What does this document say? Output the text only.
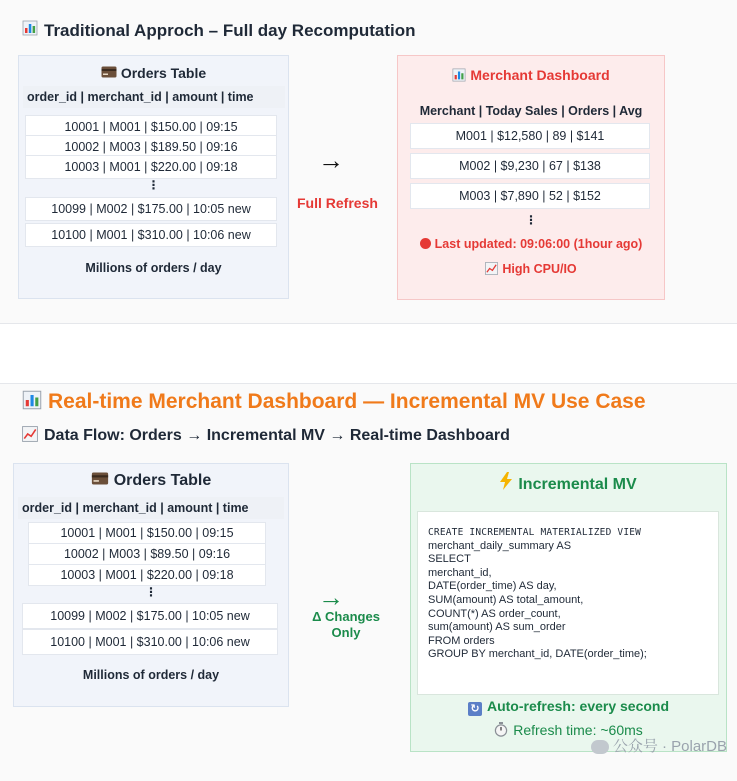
Traditional Approch – Full day Recomputation
Orders Table
order_id | merchant_id | amount | time
10001 | M001 | $150.00 | 09:15
10002 | M003 | $189.50 | 09:16
10003 | M001 | $220.00 | 09:18
⋮
10099 | M002 | $175.00 | 10:05 new
10100 | M001 | $310.00 | 10:06 new
Millions of orders / day
→
Full Refresh
Merchant Dashboard
Merchant | Today Sales | Orders | Avg
M001 | $12,580 | 89 | $141
M002 | $9,230 | 67 | $138
M003 | $7,890 | 52 | $152
⋮
Last updated: 09:06:00 (1hour ago)
High CPU/IO
Real-time Merchant Dashboard — Incremental MV Use Case
Data Flow: Orders → Incremental MV → Real-time Dashboard
Orders Table
order_id | merchant_id | amount | time
10001 | M001 | $150.00 | 09:15
10002 | M003 | $89.50 | 09:16
10003 | M001 | $220.00 | 09:18
⋮
10099 | M002 | $175.00 | 10:05 new
10100 | M001 | $310.00 | 10:06 new
Millions of orders / day
→
Δ Changes
Only
Incremental MV
CREATE INCREMENTAL MATERIALIZED VIEW
merchant_daily_summary AS
SELECT
merchant_id,
DATE(order_time) AS day,
SUM(amount) AS total_amount,
COUNT(*) AS order_count,
sum(amount) AS sum_order
FROM orders
GROUP BY merchant_id, DATE(order_time);
↻ Auto-refresh: every second
Refresh time: ~60ms
公众号 · PolarDB
